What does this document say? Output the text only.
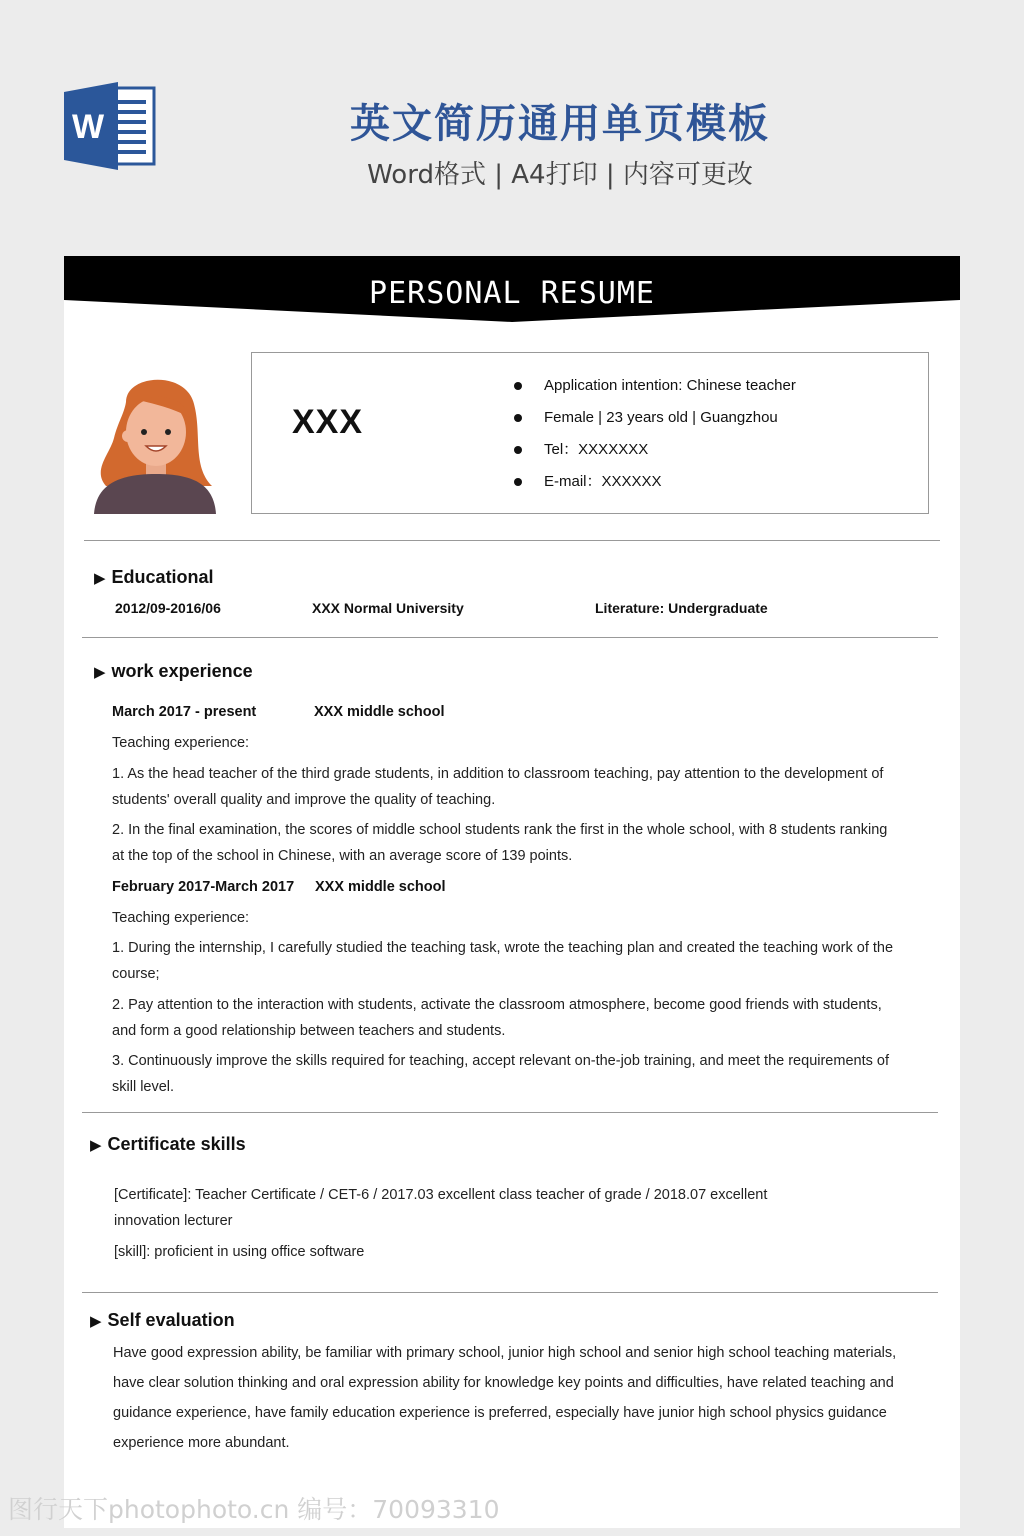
W	英文简历通用单页模板
Word格式 | A4打印 | 内容可更改
PERSONAL RESUME
XXX
Application intention: Chinese teacher
Female | 23 years old | Guangzhou
Tel：XXXXXXX
E-mail：XXXXXX
▶ Educational
2012/09-2016/06	XXX Normal University	Literature: Undergraduate
▶ work experience
March 2017 - present	XXX middle school
Teaching experience:
1. As the head teacher of the third grade students, in addition to classroom teaching, pay attention to the development of
students' overall quality and improve the quality of teaching.
2. In the final examination, the scores of middle school students rank the first in the whole school, with 8 students ranking
at the top of the school in Chinese, with an average score of 139 points.
February 2017-March 2017 XXX middle school
Teaching experience:
1. During the internship, I carefully studied the teaching task, wrote the teaching plan and created the teaching work of the
course;
2. Pay attention to the interaction with students, activate the classroom atmosphere, become good friends with students,
and form a good relationship between teachers and students.
3. Continuously improve the skills required for teaching, accept relevant on-the-job training, and meet the requirements of
skill level.
▶ Certificate skills
[Certificate]: Teacher Certificate / CET-6 / 2017.03 excellent class teacher of grade / 2018.07 excellent
innovation lecturer
[skill]: proficient in using office software
▶ Self evaluation
Have good expression ability, be familiar with primary school, junior high school and senior high school teaching materials,
have clear solution thinking and oral expression ability for knowledge key points and difficulties, have related teaching and
guidance experience, have family education experience is preferred, especially have junior high school physics guidance
experience more abundant.
图行天下photophoto.cn 编号：70093310
